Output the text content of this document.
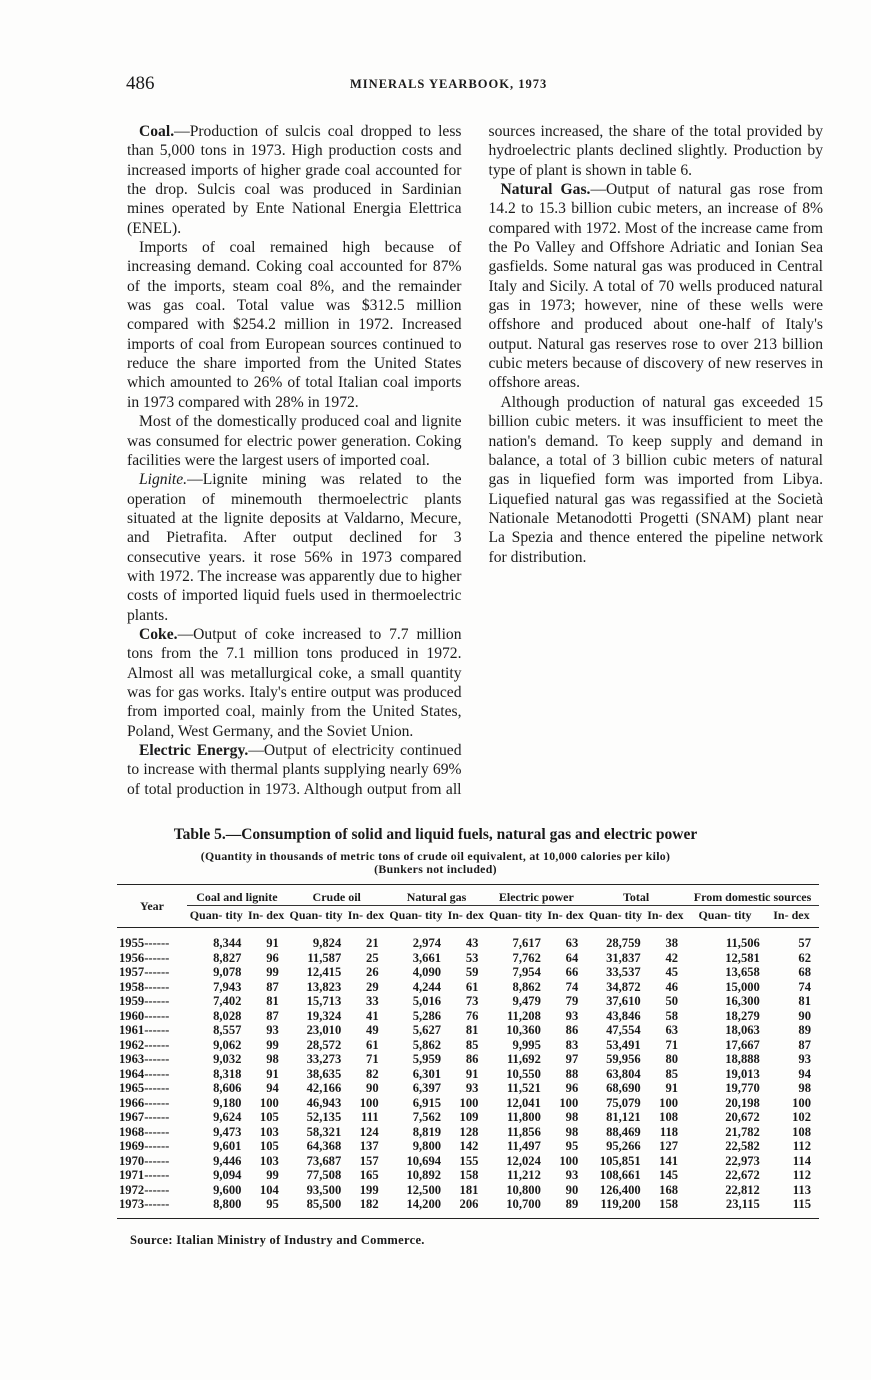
486	MINERALS YEARBOOK, 1973

Coal.—Production of sulcis coal dropped to less than 5,000 tons in 1973. High production costs and increased imports of higher grade coal accounted for the drop. Sulcis coal was produced in Sardinian mines operated by Ente National Energia Elettrica (ENEL).

Imports of coal remained high because of increasing demand. Coking coal accounted for 87% of the imports, steam coal 8%, and the remainder was gas coal. Total value was $312.5 million compared with $254.2 million in 1972. Increased imports of coal from European sources continued to reduce the share imported from the United States which amounted to 26% of total Italian coal imports in 1973 compared with 28% in 1972.

Most of the domestically produced coal and lignite was consumed for electric power generation. Coking facilities were the largest users of imported coal.

Lignite.—Lignite mining was related to the operation of minemouth thermoelectric plants situated at the lignite deposits at Valdarno, Mecure, and Pietrafita. After output declined for 3 consecutive years. it rose 56% in 1973 compared with 1972. The increase was apparently due to higher costs of imported liquid fuels used in thermoelectric plants.

Coke.—Output of coke increased to 7.7 million tons from the 7.1 million tons produced in 1972. Almost all was metallurgical coke, a small quantity was for gas works. Italy's entire output was produced from imported coal, mainly from the United States, Poland, West Germany, and the Soviet Union.

Electric Energy.—Output of electricity continued to increase with thermal plants supplying nearly 69% of total production in 1973. Although output from all sources increased, the share of the total provided by hydroelectric plants declined slightly. Production by type of plant is shown in table 6.

Natural Gas.—Output of natural gas rose from 14.2 to 15.3 billion cubic meters, an increase of 8% compared with 1972. Most of the increase came from the Po Valley and Offshore Adriatic and Ionian Sea gasfields. Some natural gas was produced in Central Italy and Sicily. A total of 70 wells produced natural gas in 1973; however, nine of these wells were offshore and produced about one-half of Italy's output. Natural gas reserves rose to over 213 billion cubic meters because of discovery of new reserves in offshore areas.

Although production of natural gas exceeded 15 billion cubic meters. it was insufficient to meet the nation's demand. To keep supply and demand in balance, a total of 3 billion cubic meters of natural gas in liquefied form was imported from Libya. Liquefied natural gas was regassified at the Società Nationale Metanodotti Progetti (SNAM) plant near La Spezia and thence entered the pipeline network for distribution.

Table 5.—Consumption of solid and liquid fuels, natural gas and electric power
(Quantity in thousands of metric tons of crude oil equivalent, at 10,000 calories per kilo)
(Bunkers not included)
Year	Coal and lignite		Crude oil		Natural gas		Electric power		Total		From domestic sources	
	Quan- tity	In- dex	Quan- tity	In- dex	Quan- tity	In- dex	Quan- tity	In- dex	Quan- tity	In- dex	Quan- tity	In- dex
1955------	8,344	91	9,824	21	2,974	43	7,617	63	28,759	38	11,506	57
1956------	8,827	96	11,587	25	3,661	53	7,762	64	31,837	42	12,581	62
1957------	9,078	99	12,415	26	4,090	59	7,954	66	33,537	45	13,658	68
1958------	7,943	87	13,823	29	4,244	61	8,862	74	34,872	46	15,000	74
1959------	7,402	81	15,713	33	5,016	73	9,479	79	37,610	50	16,300	81
1960------	8,028	87	19,324	41	5,286	76	11,208	93	43,846	58	18,279	90
1961------	8,557	93	23,010	49	5,627	81	10,360	86	47,554	63	18,063	89
1962------	9,062	99	28,572	61	5,862	85	9,995	83	53,491	71	17,667	87
1963------	9,032	98	33,273	71	5,959	86	11,692	97	59,956	80	18,888	93
1964------	8,318	91	38,635	82	6,301	91	10,550	88	63,804	85	19,013	94
1965------	8,606	94	42,166	90	6,397	93	11,521	96	68,690	91	19,770	98
1966------	9,180	100	46,943	100	6,915	100	12,041	100	75,079	100	20,198	100
1967------	9,624	105	52,135	111	7,562	109	11,800	98	81,121	108	20,672	102
1968------	9,473	103	58,321	124	8,819	128	11,856	98	88,469	118	21,782	108
1969------	9,601	105	64,368	137	9,800	142	11,497	95	95,266	127	22,582	112
1970------	9,446	103	73,687	157	10,694	155	12,024	100	105,851	141	22,973	114
1971------	9,094	99	77,508	165	10,892	158	11,212	93	108,661	145	22,672	112
1972------	9,600	104	93,500	199	12,500	181	10,800	90	126,400	168	22,812	113
1973------	8,800	95	85,500	182	14,200	206	10,700	89	119,200	158	23,115	115
Source: Italian Ministry of Industry and Commerce.
